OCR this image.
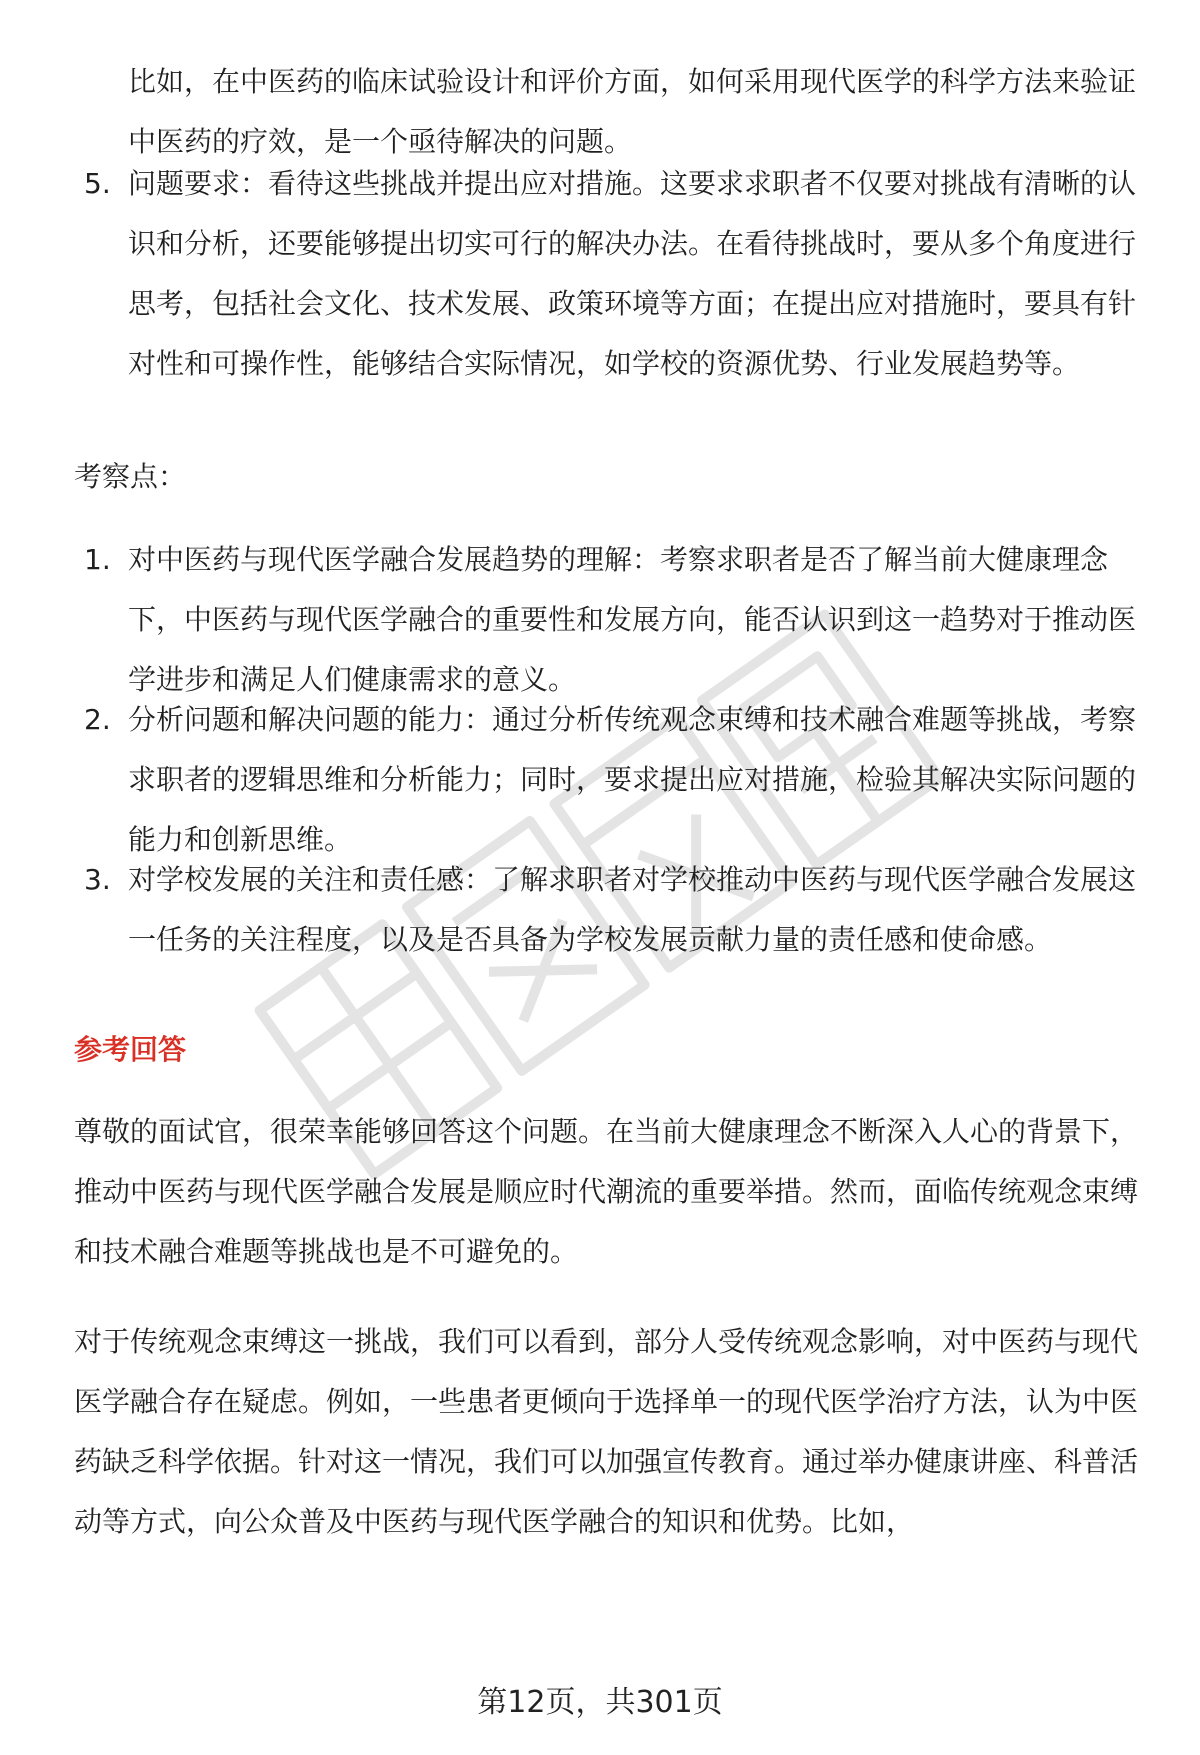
比如，在中医药的临床试验设计和评价方面，如何采用现代医学的科学方法来验证中医药的疗效，是一个亟待解决的问题。
5. 问题要求：看待这些挑战并提出应对措施。这要求求职者不仅要对挑战有清晰的认识和分析，还要能够提出切实可行的解决办法。在看待挑战时，要从多个角度进行思考，包括社会文化、技术发展、政策环境等方面；在提出应对措施时，要具有针对性和可操作性，能够结合实际情况，如学校的资源优势、行业发展趋势等。
考察点：
1. 对中医药与现代医学融合发展趋势的理解：考察求职者是否了解当前大健康理念下，中医药与现代医学融合的重要性和发展方向，能否认识到这一趋势对于推动医学进步和满足人们健康需求的意义。
2. 分析问题和解决问题的能力：通过分析传统观念束缚和技术融合难题等挑战，考察求职者的逻辑思维和分析能力；同时，要求提出应对措施，检验其解决实际问题的能力和创新思维。
3. 对学校发展的关注和责任感：了解求职者对学校推动中医药与现代医学融合发展这一任务的关注程度，以及是否具备为学校发展贡献力量的责任感和使命感。
参考回答
尊敬的面试官，很荣幸能够回答这个问题。在当前大健康理念不断深入人心的背景下，推动中医药与现代医学融合发展是顺应时代潮流的重要举措。然而，面临传统观念束缚和技术融合难题等挑战也是不可避免的。
对于传统观念束缚这一挑战，我们可以看到，部分人受传统观念影响，对中医药与现代医学融合存在疑虑。例如，一些患者更倾向于选择单一的现代医学治疗方法，认为中医药缺乏科学依据。针对这一情况，我们可以加强宣传教育。通过举办健康讲座、科普活动等方式，向公众普及中医药与现代医学融合的知识和优势。比如，
第12页，共301页
